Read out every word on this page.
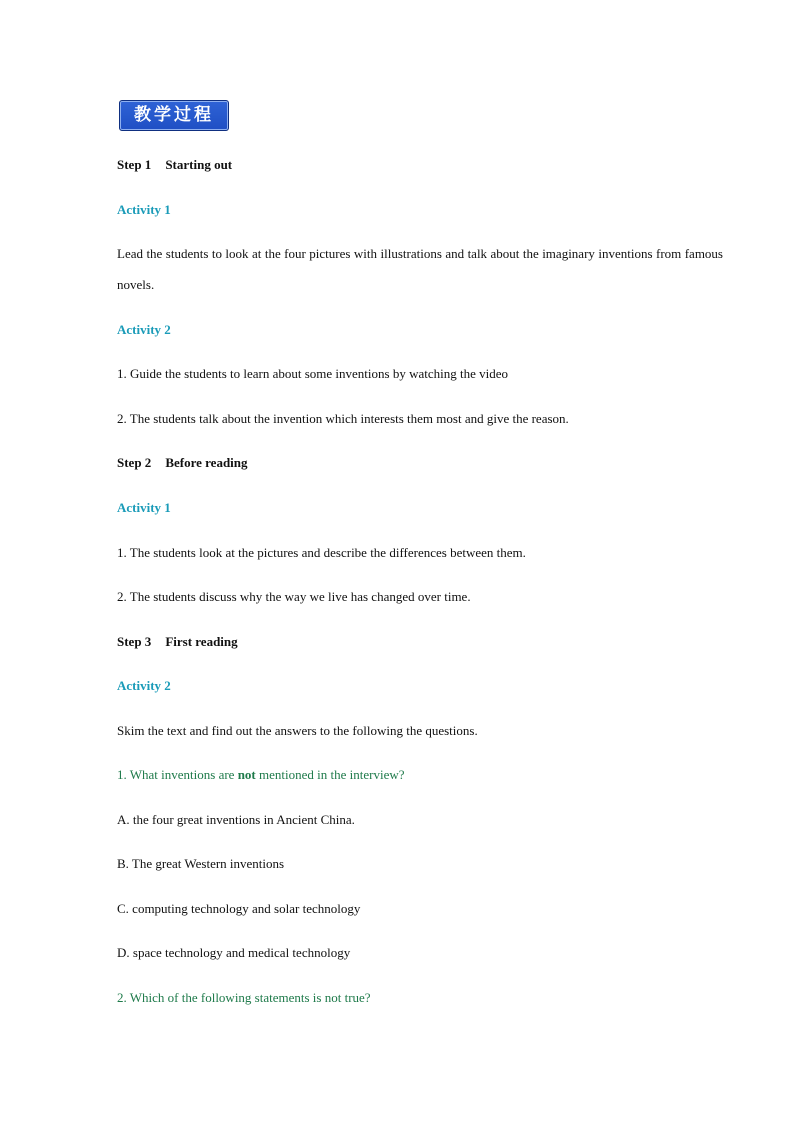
教学过程
Step 1 Starting out
Activity 1
Lead the students to look at the four pictures with illustrations and talk about the imaginary inventions from famous novels.
Activity 2
1. Guide the students to learn about some inventions by watching the video
2. The students talk about the invention which interests them most and give the reason.
Step 2 Before reading
Activity 1
1. The students look at the pictures and describe the differences between them.
2. The students discuss why the way we live has changed over time.
Step 3 First reading
Activity 2
Skim the text and find out the answers to the following the questions.
1. What inventions are not mentioned in the interview?
A. the four great inventions in Ancient China.
B. The great Western inventions
C. computing technology and solar technology
D. space technology and medical technology
2. Which of the following statements is not true?
